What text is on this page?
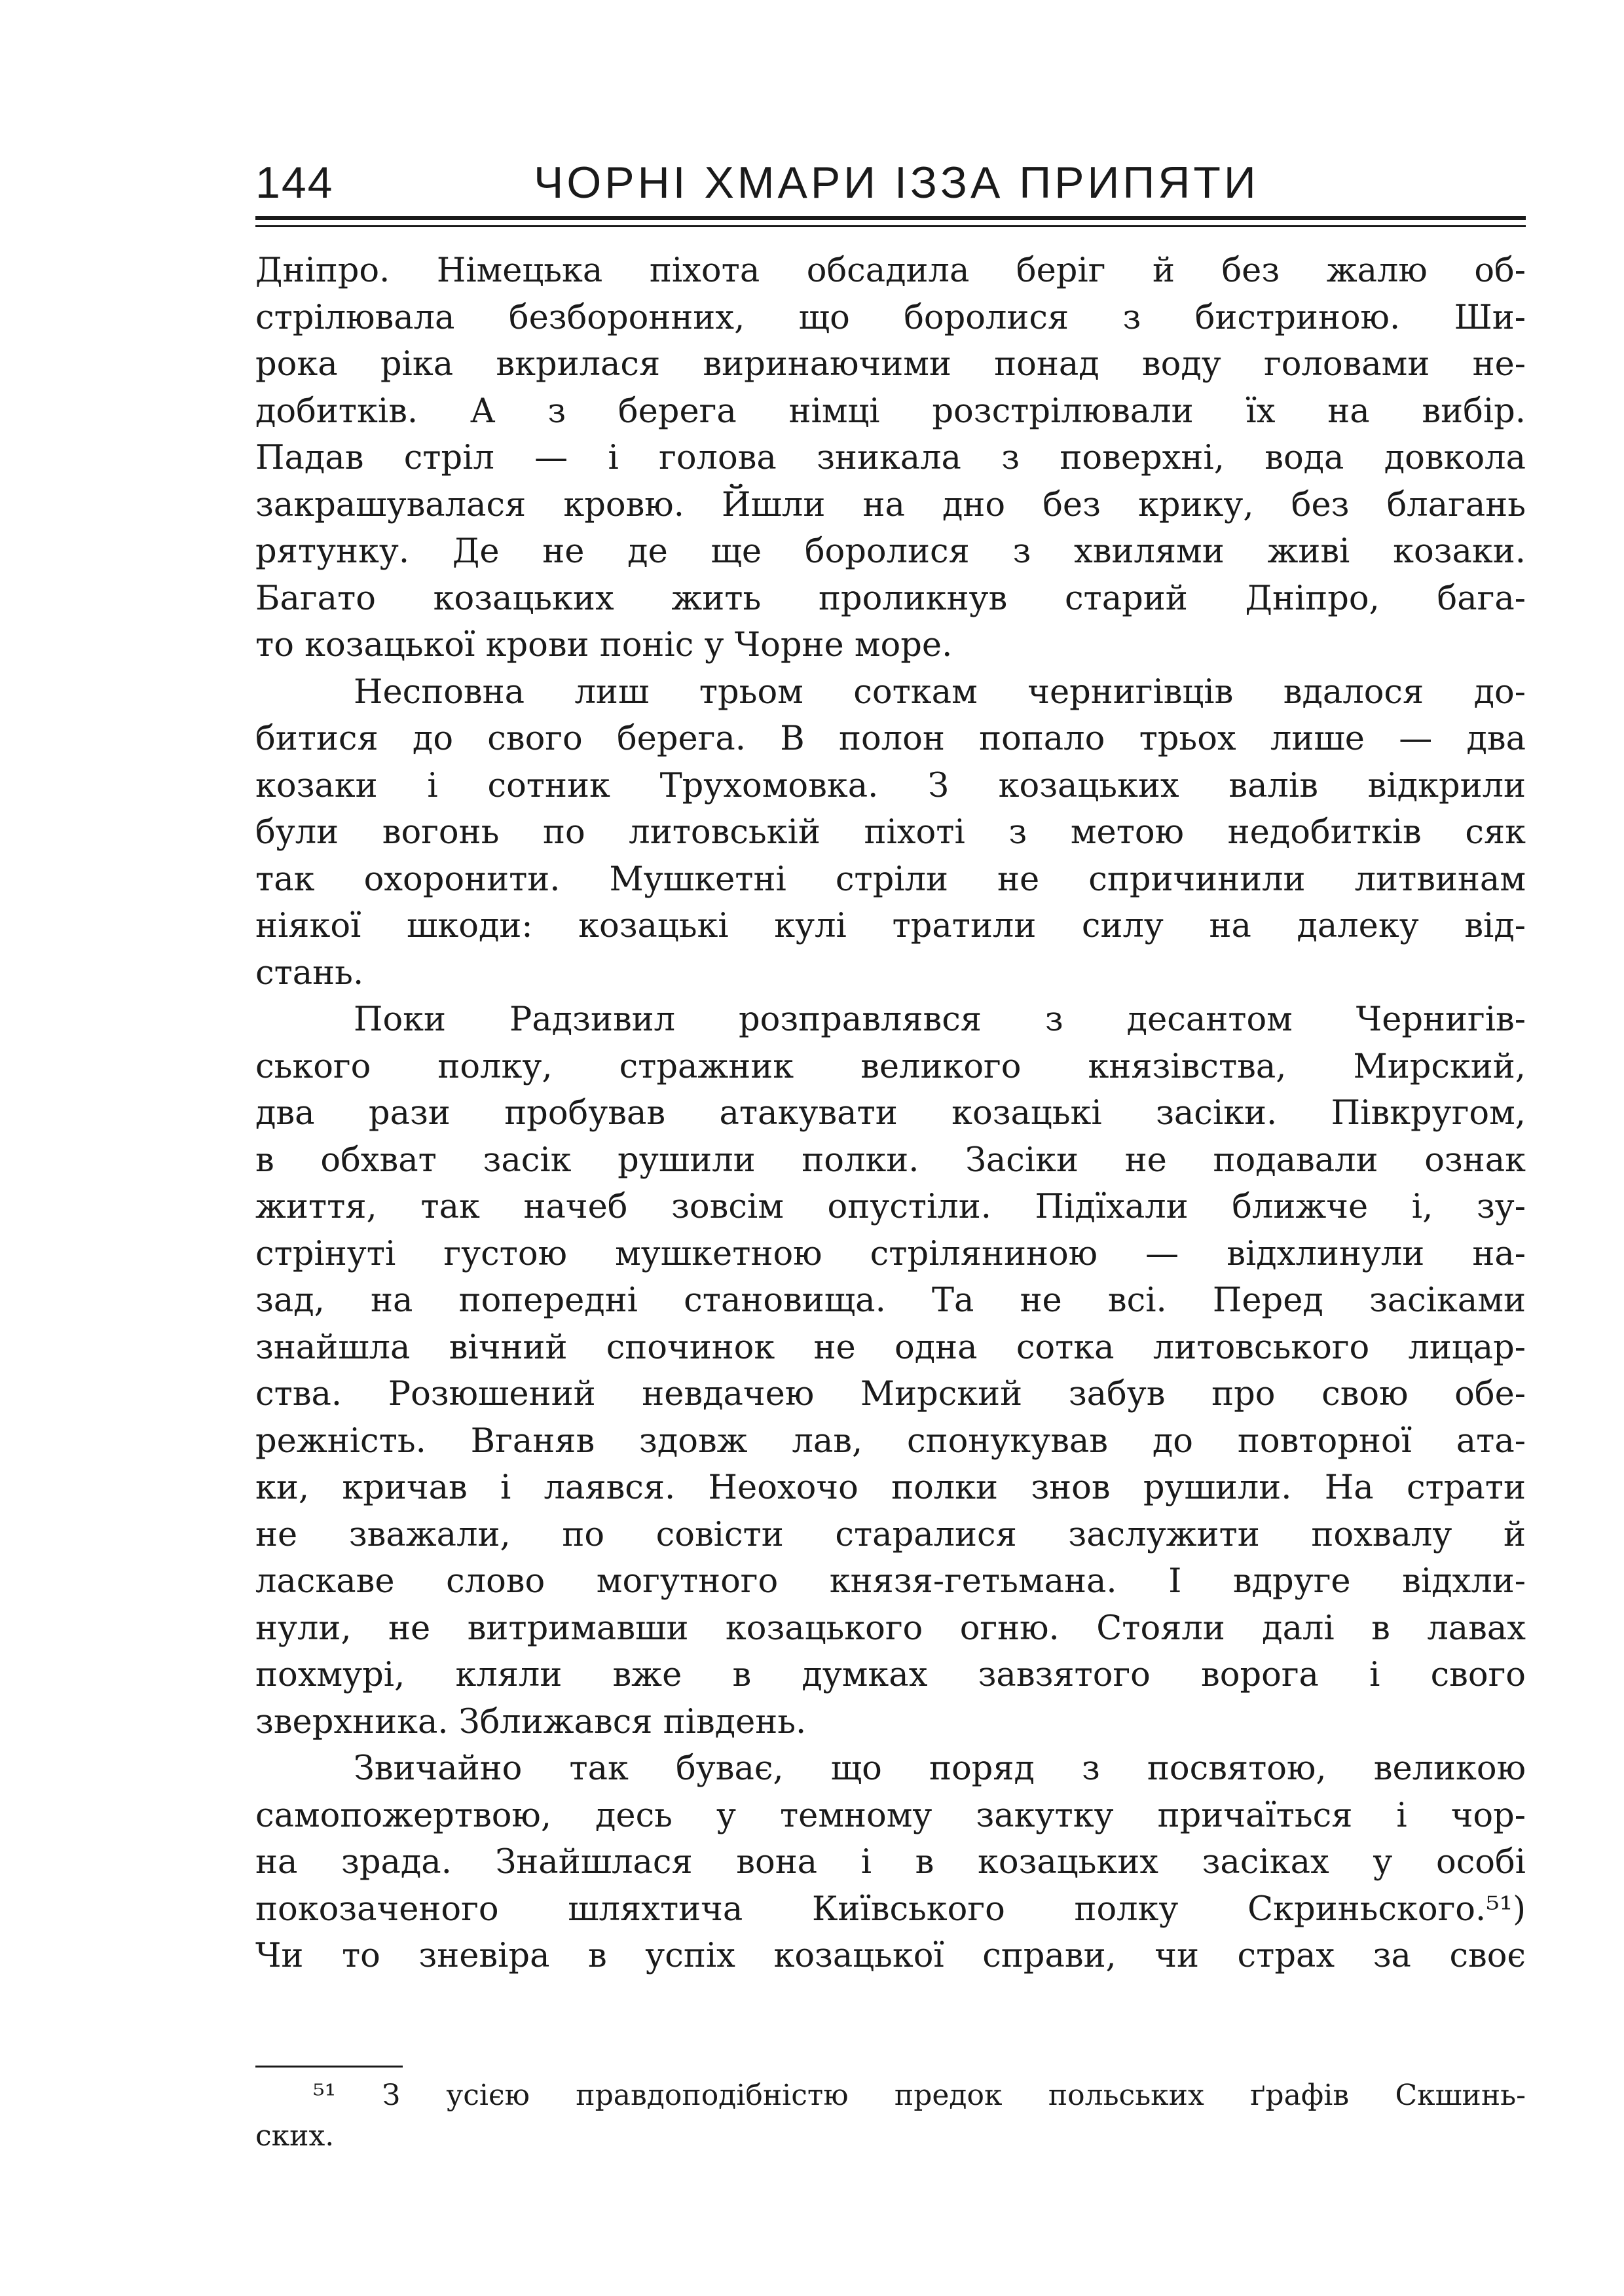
144	ЧОРНІ ХМАРИ ІЗЗА ПРИПЯТИ
Дніпро. Німецька піхота обсадила беріг й без жалю об-
стрілювала безборонних, що боролися з бистриною. Ши-
рока ріка вкрилася виринаючими понад воду головами не-
добитків. А з берега німці розстрілювали їх на вибір.
Падав стріл — і голова зникала з поверхні, вода довкола
закрашувалася кровю. Йшли на дно без крику, без благань
рятунку. Де не де ще боролися з хвилями живі козаки.
Багато козацьких жить проликнув старий Дніпро, бага-
то козацької крови поніс у Чорне море.
Несповна лиш трьом соткам чернигівців вдалося до-
битися до свого берега. В полон попало трьох лише — два
козаки і сотник Трухомовка. З козацьких валів відкрили
були вогонь по литовській піхоті з метою недобитків сяк
так охоронити. Мушкетні стріли не спричинили литвинам
ніякої шкоди: козацькі кулі тратили силу на далеку від-
стань.
Поки Радзивил розправлявся з десантом Чернигів-
ського полку, стражник великого князівства, Мирский,
два рази пробував атакувати козацькі засіки. Півкругом,
в обхват засік рушили полки. Засіки не подавали ознак
життя, так начеб зовсім опустіли. Підїхали ближче і, зу-
стрінуті густою мушкетною стріляниною — відхлинули на-
зад, на попередні становища. Та не всі. Перед засіками
знайшла вічний спочинок не одна сотка литовського лицар-
ства. Розюшений невдачею Мирский забув про свою обе-
режність. Вганяв здовж лав, спонукував до повторної ата-
ки, кричав і лаявся. Неохочо полки знов рушили. На страти
не зважали, по совісти старалися заслужити похвалу й
ласкаве слово могутного князя-гетьмана. І вдруге відхли-
нули, не витримавши козацького огню. Стояли далі в лавах
похмурі, кляли вже в думках завзятого ворога і свого
зверхника. Зближався південь.
Звичайно так буває, що поряд з посвятою, великою
самопожертвою, десь у темному закутку причаїться і чор-
на зрада. Знайшлася вона і в козацьких засіках у особі
покозаченого шляхтича Київського полку Скриньского.⁵¹)
Чи то зневіра в успіх козацької справи, чи страх за своє
⁵¹ З усією правдоподібністю предок польських ґрафів Скшинь-
ских.
